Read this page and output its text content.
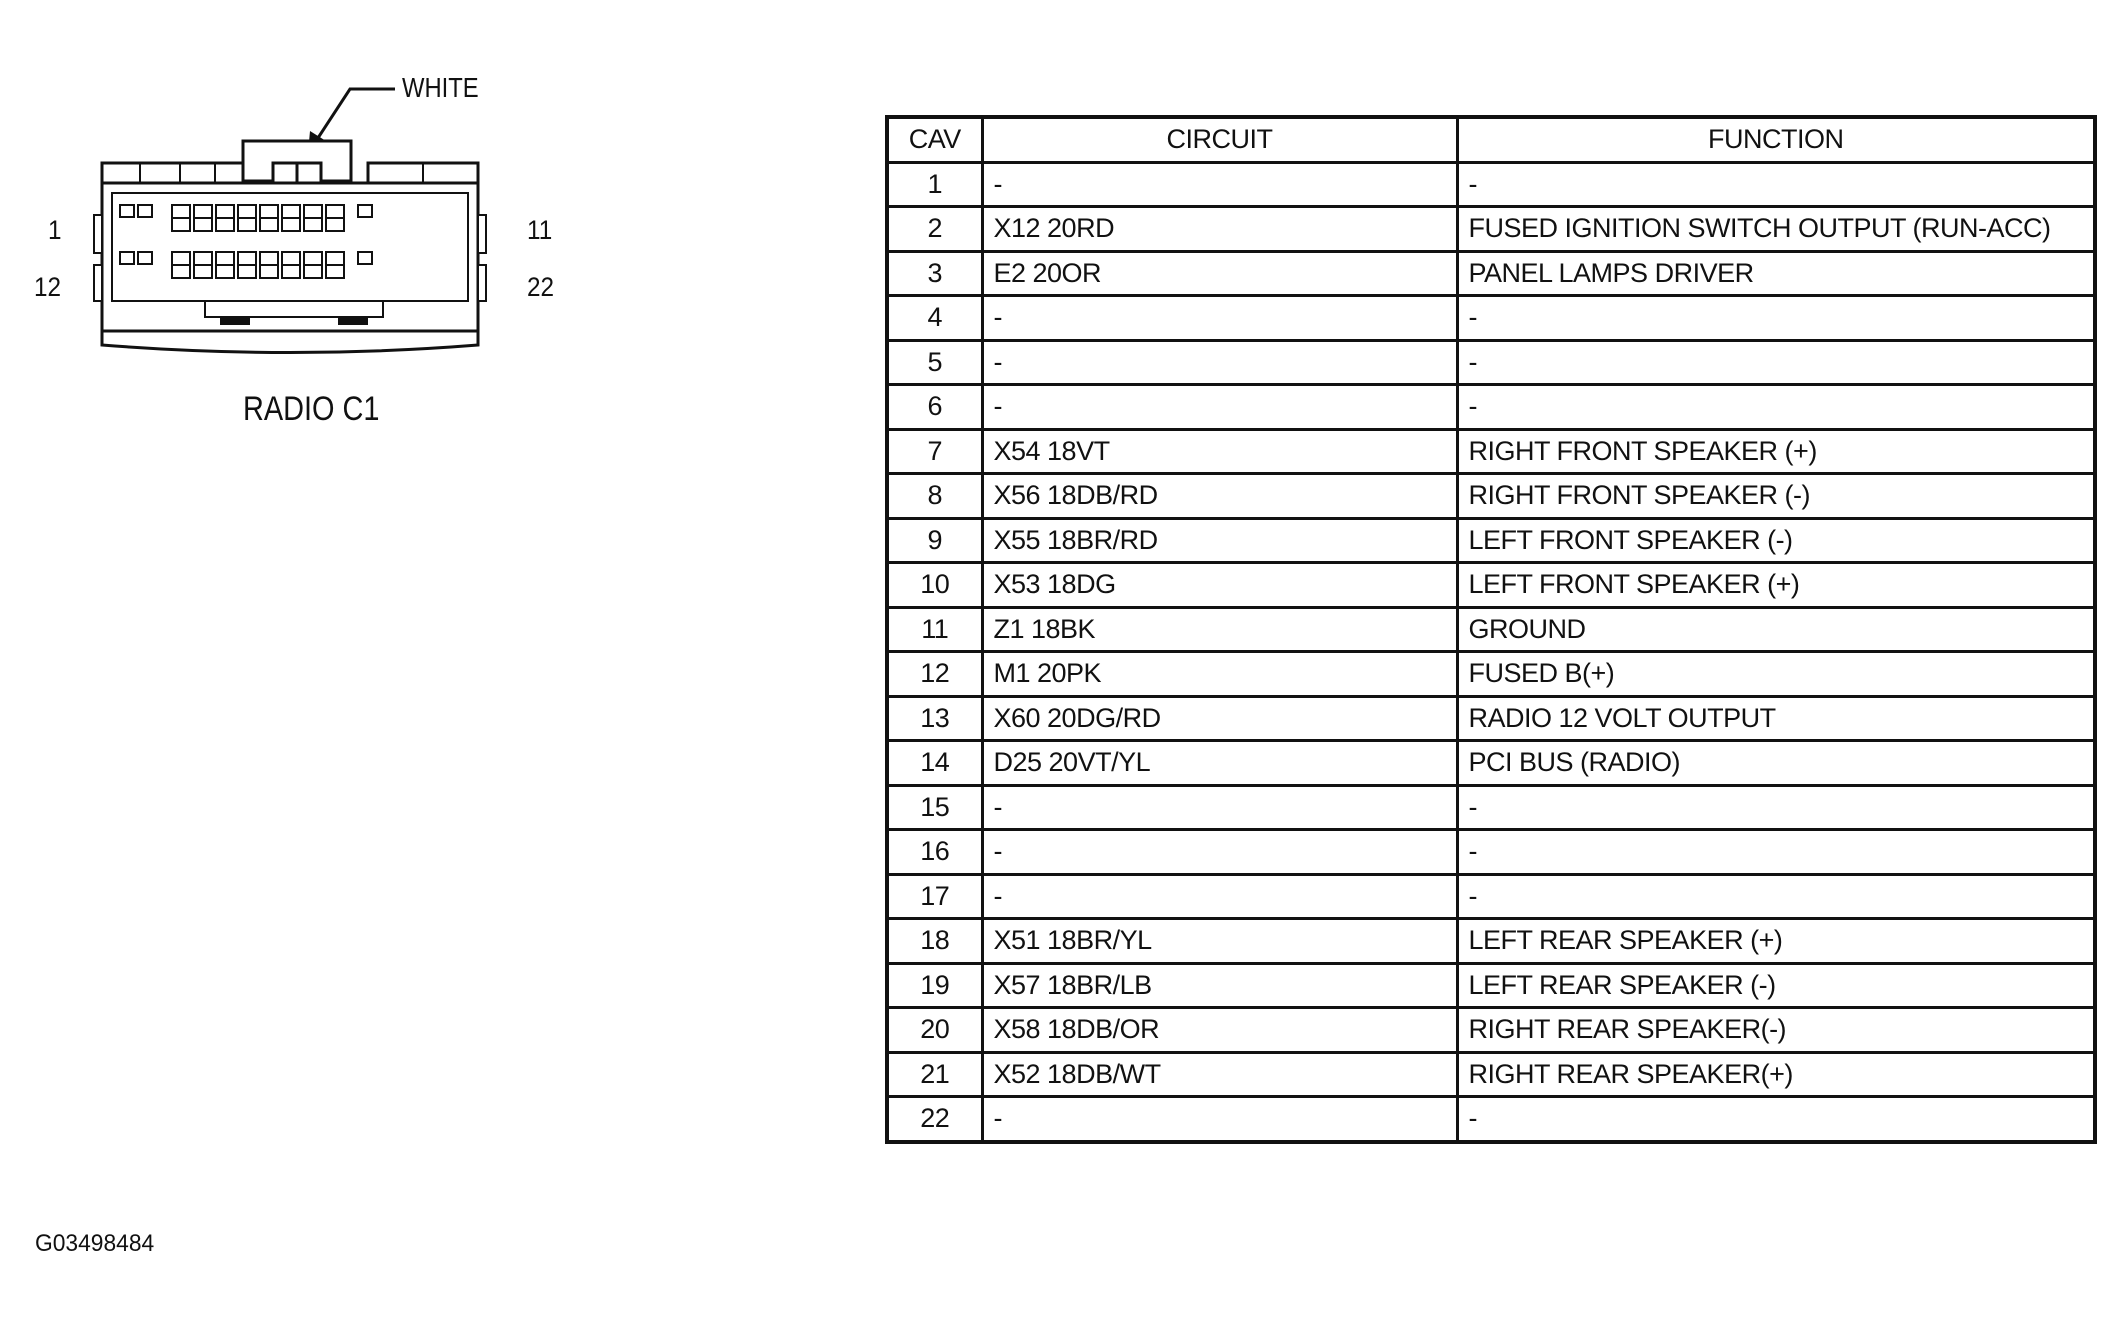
1	11
12	22
WHITE
RADIO C1
CAV	CIRCUIT	FUNCTION
1	-	-
2	X12 20RD	FUSED IGNITION SWITCH OUTPUT (RUN-ACC)
3	E2 20OR	PANEL LAMPS DRIVER
4	-	-
5	-	-
6	-	-
7	X54 18VT	RIGHT FRONT SPEAKER (+)
8	X56 18DB/RD	RIGHT FRONT SPEAKER (-)
9	X55 18BR/RD	LEFT FRONT SPEAKER (-)
10	X53 18DG	LEFT FRONT SPEAKER (+)
11	Z1 18BK	GROUND
12	M1 20PK	FUSED B(+)
13	X60 20DG/RD	RADIO 12 VOLT OUTPUT
14	D25 20VT/YL	PCI BUS (RADIO)
15	-	-
16	-	-
17	-	-
18	X51 18BR/YL	LEFT REAR SPEAKER (+)
19	X57 18BR/LB	LEFT REAR SPEAKER (-)
20	X58 18DB/OR	RIGHT REAR SPEAKER(-)
21	X52 18DB/WT	RIGHT REAR SPEAKER(+)
22	-	-
G03498484
